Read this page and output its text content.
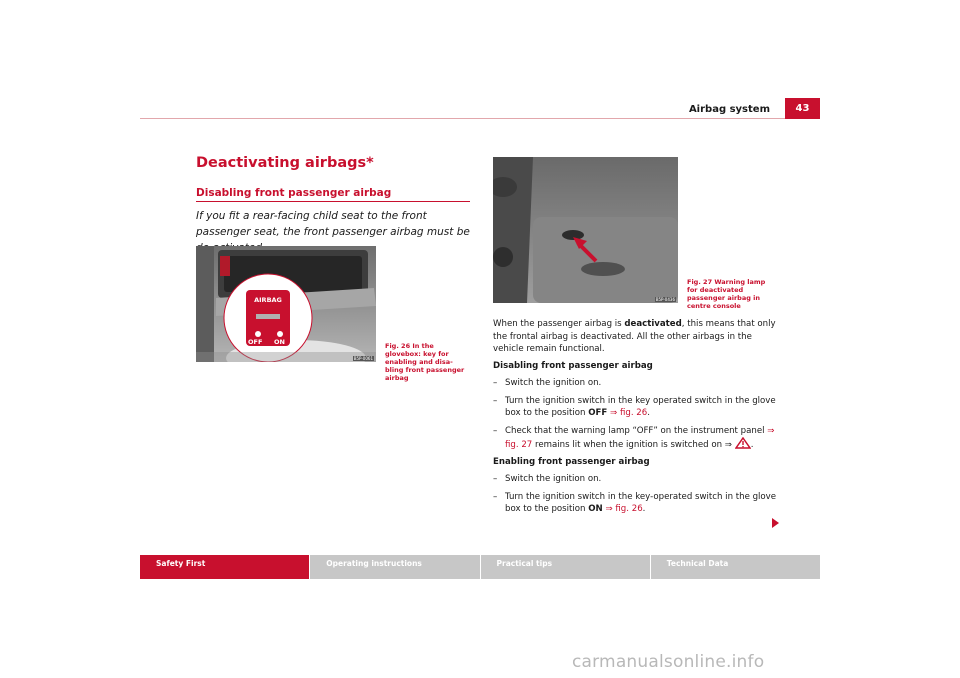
Airbag system	43
Deactivating airbags*
Disabling front passenger airbag
If you fit a rear-facing child seat to the front passenger seat, the front passenger airbag must be
AIRBAG
OFF ON
B5P-0061
Fig. 26 In the glovebox: key for enabling and disa- bling front passenger airbag
B5P-0436
Fig. 27 Warning lamp for deactivated passenger airbag in centre console

When the passenger airbag is deactivated, this means that only the frontal airbag is deactivated. All the other airbags in the vehicle remain functional.

Disabling front passenger airbag

– Switch the ignition on.
– Turn the ignition switch in the key operated switch in the glove box to the position OFF ⇒ fig. 26.
– Check that the warning lamp “OFF” on the instrument panel ⇒ fig. 27 remains lit when the ignition is switched on ⇒ .

Enabling front passenger airbag

– Switch the ignition on.
– Turn the ignition switch in the key-operated switch in the glove box to the position ON ⇒ fig. 26.
Safety First	Operating instructions	Practical tips	Technical Data
carmanualsonline.info
